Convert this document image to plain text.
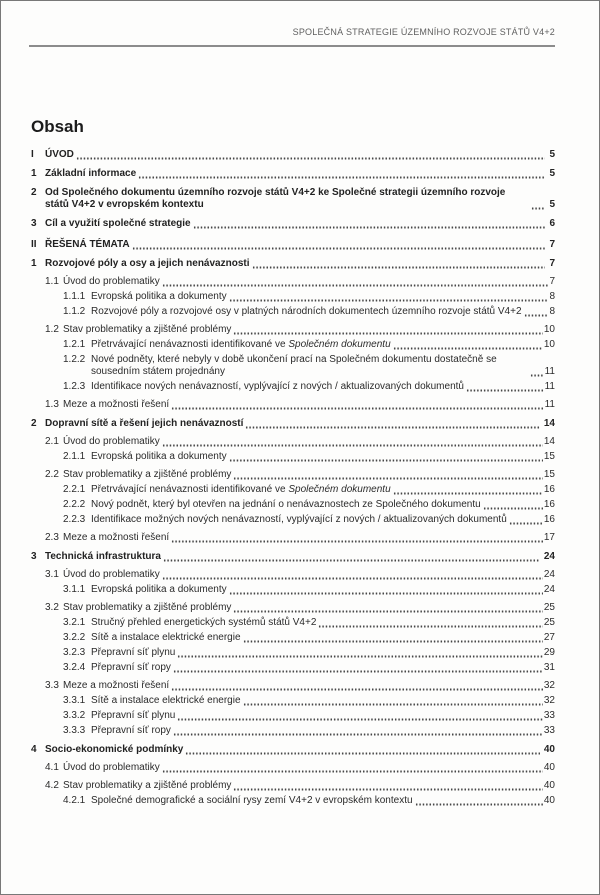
SPOLEČNÁ STRATEGIE ÚZEMNÍHO ROZVOJE STÁTŮ V4+2
Obsah
I	ÚVOD	5
1 Základní informace	5
2 Od Společného dokumentu územního rozvoje států V4+2 ke Společné strategii územního rozvoje států V4+2 v evropském kontextu	5
3 Cíl a využití společné strategie	6
II ŘEŠENÁ TÉMATA	7
1 Rozvojové póly a osy a jejich nenávaznosti	7
1.1 Úvod do problematiky	7
1.1.1 Evropská politika a dokumenty	8
1.1.2 Rozvojové póly a rozvojové osy v platných národních dokumentech územního rozvoje států V4+2	8
1.2 Stav problematiky a zjištěné problémy	10
1.2.1 Přetrvávající nenávaznosti identifikované ve Společném dokumentu	10
1.2.2 Nové podněty, které nebyly v době ukončení prací na Společném dokumentu dostatečně se sousedním státem projednány	11
1.2.3 Identifikace nových nenávazností, vyplývající z nových / aktualizovaných dokumentů	11
1.3 Meze a možnosti řešení	11
2 Dopravní sítě a řešení jejich nenávazností	14
2.1 Úvod do problematiky	14
2.1.1 Evropská politika a dokumenty	15
2.2 Stav problematiky a zjištěné problémy	15
2.2.1 Přetrvávající nenávaznosti identifikované ve Společném dokumentu	16
2.2.2 Nový podnět, který byl otevřen na jednání o nenávaznostech ze Společného dokumentu	16
2.2.3 Identifikace možných nových nenávazností, vyplývající z nových / aktualizovaných dokumentů	16
2.3 Meze a možnosti řešení	17
3 Technická infrastruktura	24
3.1 Úvod do problematiky	24
3.1.1 Evropská politika a dokumenty	24
3.2 Stav problematiky a zjištěné problémy	25
3.2.1 Stručný přehled energetických systémů států V4+2	25
3.2.2 Sítě a instalace elektrické energie	27
3.2.3 Přepravní síť plynu	29
3.2.4 Přepravní síť ropy	31
3.3 Meze a možnosti řešení	32
3.3.1 Sítě a instalace elektrické energie	32
3.3.2 Přepravní síť plynu	33
3.3.3 Přepravní síť ropy	33
4 Socio-ekonomické podmínky	40
4.1 Úvod do problematiky	40
4.2 Stav problematiky a zjištěné problémy	40
4.2.1 Společné demografické a sociální rysy zemí V4+2 v evropském kontextu	40
